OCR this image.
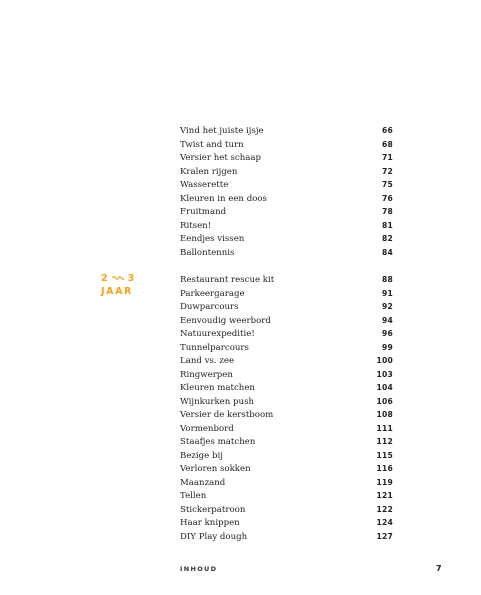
Vind het juiste ijsje	66
Twist and turn	68
Versier het schaap	71
Kralen rijgen	72
Wasserette	75
Kleuren in een doos	76
Fruitmand	78
Ritsen!	81
Eendjes vissen	82
Ballontennis	84
2 3
JAAR
Restaurant rescue kit	88
Parkeergarage	91
Duwparcours	92
Eenvoudig weerbord	94
Natuurexpeditie!	96
Tunnelparcours	99
Land vs. zee	100
Ringwerpen	103
Kleuren matchen	104
Wijnkurken push	106
Versier de kerstboom	108
Vormenbord	111
Staafjes matchen	112
Bezige bij	115
Verloren sokken	116
Maanzand	119
Tellen	121
Stickerpatroon	122
Haar knippen	124
DIY Play dough	127
INHOUD	7
